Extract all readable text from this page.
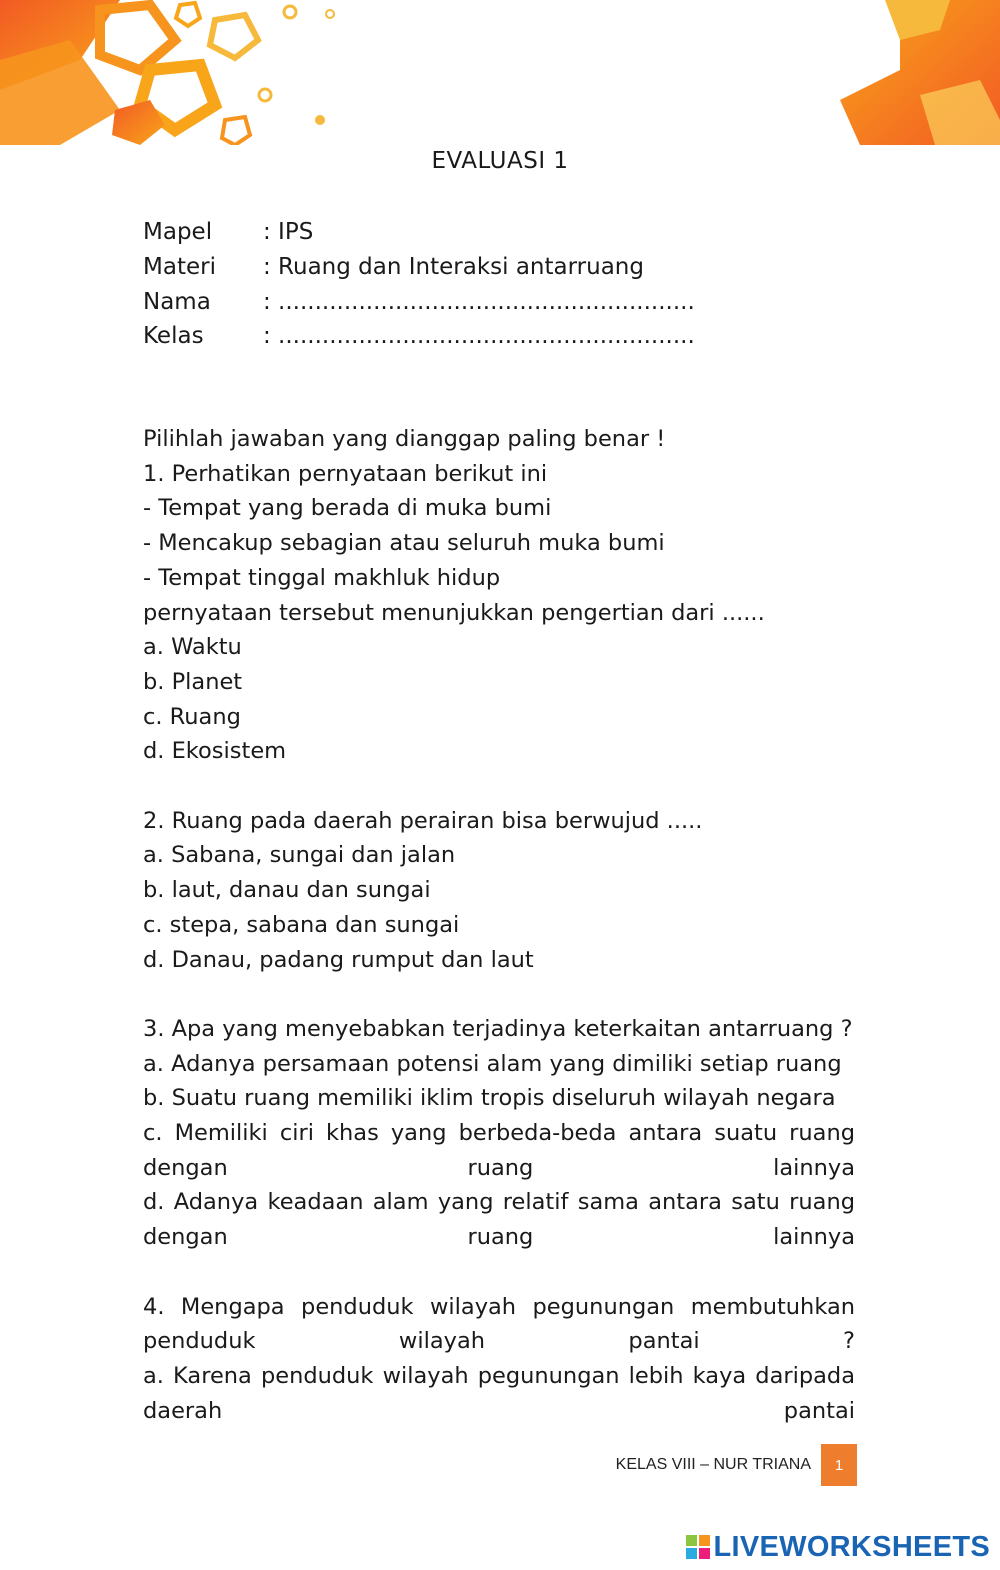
EVALUASI 1
Mapel	: IPS
Materi	: Ruang dan Interaksi antarruang
Nama	: .........................................................
Kelas	: .........................................................
Pilihlah jawaban yang dianggap paling benar !
1. Perhatikan pernyataan berikut ini
- Tempat yang berada di muka bumi
- Mencakup sebagian atau seluruh muka bumi
- Tempat tinggal makhluk hidup
pernyataan tersebut menunjukkan pengertian dari ......
a. Waktu
b. Planet
c. Ruang
d. Ekosistem
2. Ruang pada daerah perairan bisa berwujud .....
a. Sabana, sungai dan jalan
b. laut, danau dan sungai
c. stepa, sabana dan sungai
d. Danau, padang rumput dan laut
3. Apa yang menyebabkan terjadinya keterkaitan antarruang ?
a. Adanya persamaan potensi alam yang dimiliki setiap ruang
b. Suatu ruang memiliki iklim tropis diseluruh wilayah negara
c. Memiliki ciri khas yang berbeda-beda antara suatu ruang dengan ruang lainnya
d. Adanya keadaan alam yang relatif sama antara satu ruang dengan ruang lainnya
4. Mengapa penduduk wilayah pegunungan membutuhkan penduduk wilayah pantai ?
a. Karena penduduk wilayah pegunungan lebih kaya daripada daerah pantai
KELAS VIII – NUR TRIANA	1
LIVEWORKSHEETS
